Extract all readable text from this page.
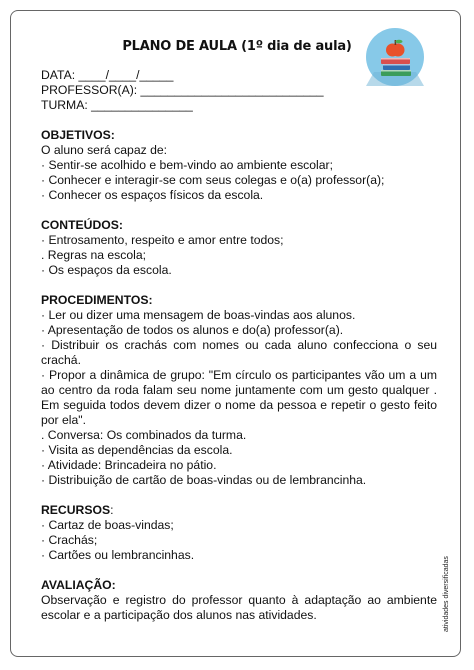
PLANO DE AULA (1º dia de aula)
DATA: ____/____/_____
PROFESSOR(A): ___________________________
TURMA: _______________
OBJETIVOS:
O aluno será capaz de:
· Sentir-se acolhido e bem-vindo ao ambiente escolar;
· Conhecer e interagir-se com seus colegas e o(a) professor(a);
· Conhecer os espaços físicos da escola.
CONTEÚDOS:
· Entrosamento, respeito e amor entre todos;
. Regras na escola;
· Os espaços da escola.
PROCEDIMENTOS:
· Ler ou dizer uma mensagem de boas-vindas aos alunos.
· Apresentação de todos os alunos e do(a) professor(a).
· Distribuir os crachás com nomes ou cada aluno confecciona o seu crachá.
· Propor a dinâmica de grupo: "Em círculo os participantes vão um a um ao centro da roda falam seu nome juntamente com um gesto qualquer . Em seguida todos devem dizer o nome da pessoa e repetir o gesto feito por ela".
. Conversa: Os combinados da turma.
· Visita as dependências da escola.
· Atividade: Brincadeira no pátio.
· Distribuição de cartão de boas-vindas ou de lembrancinha.
RECURSOS:
· Cartaz de boas-vindas;
· Crachás;
· Cartões ou lembrancinhas.
AVALIAÇÃO:
Observação e registro do professor quanto à adaptação ao ambiente escolar e a participação dos alunos nas atividades.	atividades diversificadas
